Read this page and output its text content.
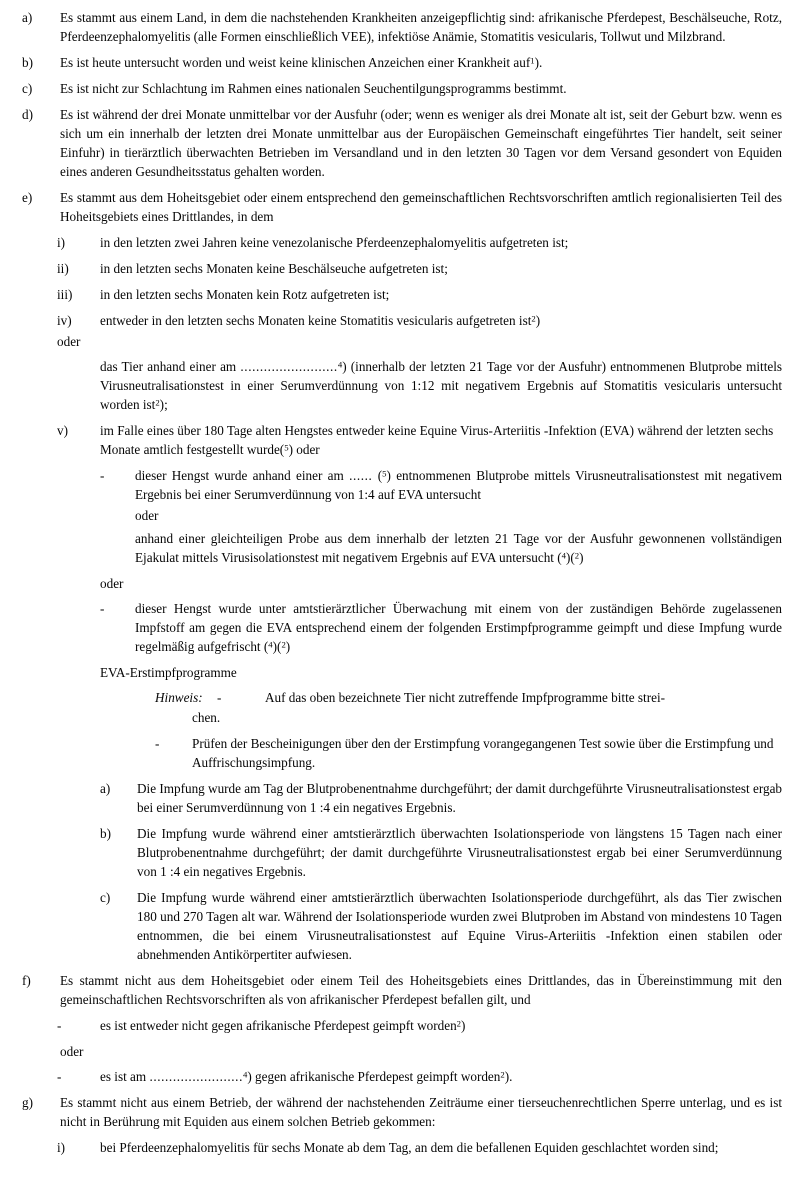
a)	Es stammt aus einem Land, in dem die nachstehenden Krankheiten anzeigepflichtig sind: afrikanische Pferdepest, Beschälseuche, Rotz, Pferdeenzephalomyelitis (alle Formen einschließlich VEE), infektiöse Anämie, Stomatitis vesicularis, Tollwut und Milzbrand.
b)	Es ist heute untersucht worden und weist keine klinischen Anzeichen einer Krankheit auf$^1$).
c)	Es ist nicht zur Schlachtung im Rahmen eines nationalen Seuchentilgungsprogramms bestimmt.
d)	Es ist während der drei Monate unmittelbar vor der Ausfuhr (oder; wenn es weniger als drei Monate alt ist, seit der Geburt bzw. wenn es sich um ein innerhalb der letzten drei Monate unmittelbar aus der Europäischen Gemeinschaft eingeführtes Tier handelt, seit seiner Einfuhr) in tierärztlich überwachten Betrieben im Versandland und in den letzten 30 Tagen vor dem Versand gesondert von Equiden eines anderen Gesundheitsstatus gehalten worden.
e)	Es stammt aus dem Hoheitsgebiet oder einem entsprechend den gemeinschaftlichen Rechtsvorschriften amtlich regionalisierten Teil des Hoheitsgebiets eines Drittlandes, in dem
i)	in den letzten zwei Jahren keine venezolanische Pferdeenzephalomyelitis aufgetreten ist;
ii)	in den letzten sechs Monaten keine Beschälseuche aufgetreten ist;
iii)	in den letzten sechs Monaten kein Rotz aufgetreten ist;
iv)	entweder in den letzten sechs Monaten keine Stomatitis vesicularis aufgetreten ist$^2$)
oder
das Tier anhand einer am .........................$^4$) (innerhalb der letzten 21 Tage vor der Ausfuhr) entnommenen Blutprobe mittels Virusneutralisationstest in einer Serumverdünnung von 1:12 mit negativem Ergebnis auf Stomatitis vesicularis untersucht worden ist$^2$);
v)	im Falle eines über 180 Tage alten Hengstes entweder keine Equine Virus-Arteriitis -Infektion (EVA) während der letzten sechs Monate amtlich festgestellt wurde($^5$) oder
-	dieser Hengst wurde anhand einer am ...... ($^5$) entnommenen Blutprobe mittels Virusneutralisationstest mit negativem Ergebnis bei einer Serumverdünnung von 1:4 auf EVA untersucht
oder
anhand einer gleichteiligen Probe aus dem innerhalb der letzten 21 Tage vor der Ausfuhr gewonnenen vollständigen Ejakulat mittels Virusisolationstest mit negativem Ergebnis auf EVA untersucht ($^4$)($^2$)
oder
-	dieser Hengst wurde unter amtstierärztlicher Überwachung mit einem von der zuständigen Behörde zugelassenen Impfstoff am gegen die EVA entsprechend einem der folgenden Erstimpfprogramme geimpft und diese Impfung wurde regelmäßig aufgefrischt ($^4$)($^2$)
EVA-Erstimpfprogramme
Hinweis:	-	Auf das oben bezeichnete Tier nicht zutreffende Impfprogramme bitte strei-
chen.
-	Prüfen der Bescheinigungen über den der Erstimpfung vorangegangenen Test sowie über die Erstimpfung und Auffrischungsimpfung.
a)	Die Impfung wurde am Tag der Blutprobenentnahme durchgeführt; der damit durchgeführte Virusneutralisationstest ergab bei einer Serumverdünnung von 1 :4 ein negatives Ergebnis.
b)	Die Impfung wurde während einer amtstierärztlich überwachten Isolationsperiode von längstens 15 Tagen nach einer Blutprobenentnahme durchgeführt; der damit durchgeführte Virusneutralisationstest ergab bei einer Serumverdünnung von 1 :4 ein negatives Ergebnis.
c)	Die Impfung wurde während einer amtstierärztlich überwachten Isolationsperiode durchgeführt, als das Tier zwischen 180 und 270 Tagen alt war. Während der Isolationsperiode wurden zwei Blutproben im Abstand von mindestens 10 Tagen entnommen, die bei einem Virusneutralisationstest auf Equine Virus-Arteriitis -Infektion einen stabilen oder abnehmenden Antikörpertiter aufwiesen.
f)	Es stammt nicht aus dem Hoheitsgebiet oder einem Teil des Hoheitsgebiets eines Drittlandes, das in Übereinstimmung mit den gemeinschaftlichen Rechtsvorschriften als von afrikanischer Pferdepest befallen gilt, und
-	es ist entweder nicht gegen afrikanische Pferdepest geimpft worden$^2$)
oder
-	es ist am ........................$^4$) gegen afrikanische Pferdepest geimpft worden$^2$).
g)	Es stammt nicht aus einem Betrieb, der während der nachstehenden Zeiträume einer tierseuchenrechtlichen Sperre unterlag, und es ist nicht in Berührung mit Equiden aus einem solchen Betrieb gekommen:
i)	bei Pferdeenzephalomyelitis für sechs Monate ab dem Tag, an dem die befallenen Equiden geschlachtet worden sind;
